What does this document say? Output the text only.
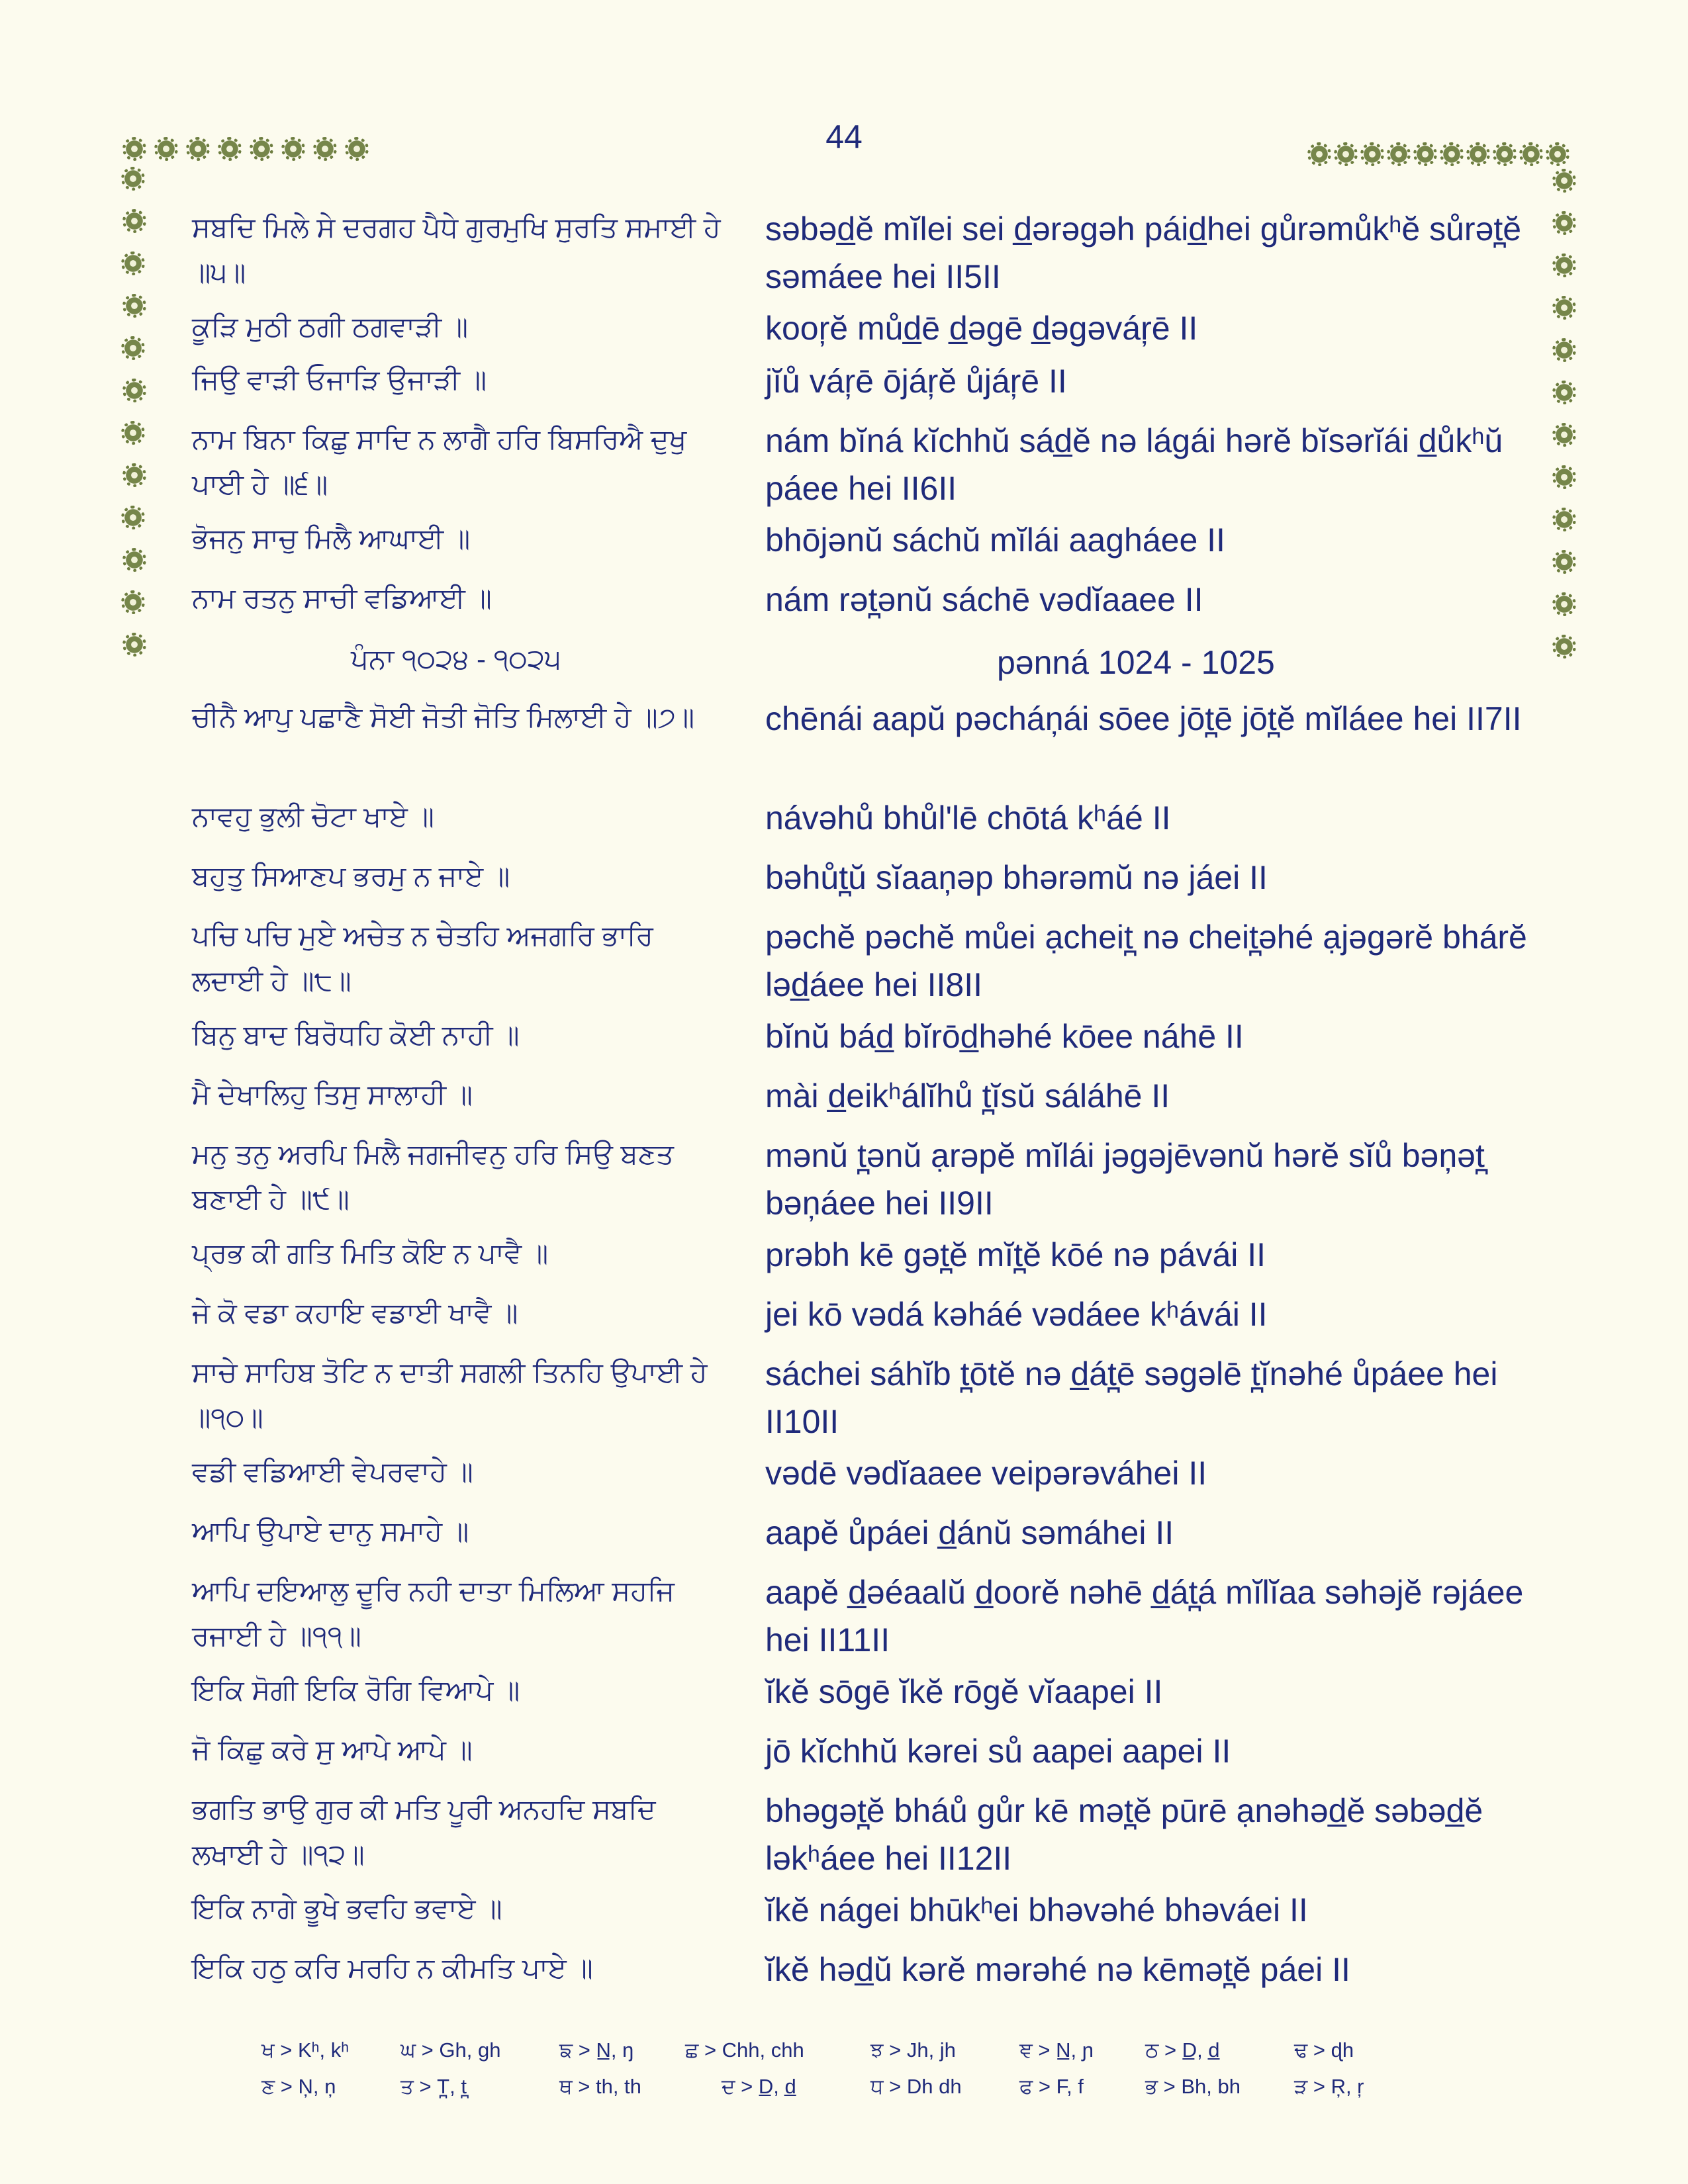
44
ਸਬਦਿ ਮਿਲੇ ਸੇ ਦਰਗਹ ਪੈਧੇ ਗੁਰਮੁਖਿ ਸੁਰਤਿ ਸਮਾਈ ਹੇ ॥੫॥
səbəd̲ĕ mĭlei sei d̲ərəgəh páid̲hei gůrəmůkʰĕ sůrət̪ĕ səmáee hei II5II
ਕੂੜਿ ਮੁਠੀ ਠਗੀ ਠਗਵਾੜੀ ॥	kooŗĕ můd̲ē d̲əgē d̲əgəváŗē II
ਜਿਉ ਵਾੜੀ ਓਜਾੜਿ ਉਜਾੜੀ ॥	jĭů váŗē ōjáŗĕ ůjáŗē II
ਨਾਮ ਬਿਨਾ ਕਿਛੁ ਸਾਦਿ ਨ ਲਾਗੈ ਹਰਿ ਬਿਸਰਿਐ ਦੁਖੁ ਪਾਈ ਹੇ ॥੬॥
nám bĭná kĭchhŭ sád̲ĕ nə lágái hərĕ bĭsərĭái d̲ůkʰŭ páee hei II6II
ਭੋਜਨੁ ਸਾਚੁ ਮਿਲੈ ਆਘਾਈ ॥	bhōjənŭ sáchŭ mĭlái aagháee II
ਨਾਮ ਰਤਨੁ ਸਾਚੀ ਵਡਿਆਈ ॥	nám rət̪ənŭ sáchē vədĭaaee II
ਪੰਨਾ ੧੦੨੪ - ੧੦੨੫	pənná 1024 - 1025
ਚੀਨੈ ਆਪੁ ਪਛਾਣੈ ਸੋਈ ਜੋਤੀ ਜੋਤਿ ਮਿਲਾਈ ਹੇ ॥੭॥	chēnái aapŭ pəcháņái sōee jōt̪ē jōt̪ĕ mĭláee hei II7II
ਨਾਵਹੁ ਭੁਲੀ ਚੋਟਾ ਖਾਏ ॥	návəhů bhůl'lē chōtá kʰáé II
ਬਹੁਤੁ ਸਿਆਣਪ ਭਰਮੁ ਨ ਜਾਏ ॥	bəhůt̪ŭ sĭaaņəp bhərəmŭ nə jáei II
ਪਚਿ ਪਚਿ ਮੁਏ ਅਚੇਤ ਨ ਚੇਤਹਿ ਅਜਗਰਿ ਭਾਰਿ ਲਦਾਈ ਹੇ ॥੮॥
pəchĕ pəchĕ můei ạcheit̪ nə cheit̪əhé ạjəgərĕ bhárĕ ləd̲áee hei II8II
ਬਿਨੁ ਬਾਦ ਬਿਰੋਧਹਿ ਕੋਈ ਨਾਹੀ ॥	bĭnŭ bád̲ bĭrōd̲həhé kōee náhē II
ਮੈ ਦੇਖਾਲਿਹੁ ਤਿਸੁ ਸਾਲਾਹੀ ॥	mài d̲eikʰálĭhů t̪ĭsŭ sáláhē II
ਮਨੁ ਤਨੁ ਅਰਪਿ ਮਿਲੈ ਜਗਜੀਵਨੁ ਹਰਿ ਸਿਉ ਬਣਤ ਬਣਾਈ ਹੇ ॥੯॥
mənŭ t̪ənŭ ạrəpĕ mĭlái jəgəjēvənŭ hərĕ sĭů bəņət̪ bəņáee hei II9II
ਪ੍ਰਭ ਕੀ ਗਤਿ ਮਿਤਿ ਕੋਇ ਨ ਪਾਵੈ ॥	prəbh kē gət̪ĕ mĭt̪ĕ kōé nə pávái II
ਜੇ ਕੋ ਵਡਾ ਕਹਾਇ ਵਡਾਈ ਖਾਵੈ ॥	jei kō vədá kəháé vədáee kʰávái II
ਸਾਚੇ ਸਾਹਿਬ ਤੋਟਿ ਨ ਦਾਤੀ ਸਗਲੀ ਤਿਨਹਿ ਉਪਾਈ ਹੇ ॥੧੦॥
sáchei sáhĭb t̪ōtĕ nə d̲át̪ē səgəlē t̪ĭnəhé ůpáee hei II10II
ਵਡੀ ਵਡਿਆਈ ਵੇਪਰਵਾਹੇ ॥	vədē vədĭaaee veipərəváhei II
ਆਪਿ ਉਪਾਏ ਦਾਨੁ ਸਮਾਹੇ ॥	aapĕ ůpáei d̲ánŭ səmáhei II
ਆਪਿ ਦਇਆਲੁ ਦੂਰਿ ਨਹੀ ਦਾਤਾ ਮਿਲਿਆ ਸਹਜਿ ਰਜਾਈ ਹੇ ॥੧੧॥
aapĕ d̲əéaalŭ d̲oorĕ nəhē d̲át̪á mĭlĭaa səhəjĕ rəjáee hei II11II
ਇਕਿ ਸੋਗੀ ਇਕਿ ਰੋਗਿ ਵਿਆਪੇ ॥	ĭkĕ sōgē ĭkĕ rōgĕ vĭaapei II
ਜੋ ਕਿਛੁ ਕਰੇ ਸੁ ਆਪੇ ਆਪੇ ॥	jō kĭchhŭ kərei sů aapei aapei II
ਭਗਤਿ ਭਾਉ ਗੁਰ ਕੀ ਮਤਿ ਪੂਰੀ ਅਨਹਦਿ ਸਬਦਿ ਲਖਾਈ ਹੇ ॥੧੨॥
bhəgət̪ĕ bháů gůr kē mət̪ĕ pūrē ạnəhəd̲ĕ səbəd̲ĕ ləkʰáee hei II12II
ਇਕਿ ਨਾਗੇ ਭੂਖੇ ਭਵਹਿ ਭਵਾਏ ॥	ĭkĕ nágei bhūkʰei bhəvəhé bhəváei II
ਇਕਿ ਹਠੁ ਕਰਿ ਮਰਹਿ ਨ ਕੀਮਤਿ ਪਾਏ ॥	ĭkĕ həd̲ŭ kərĕ mərəhé nə kēmət̪ĕ páei II
ਖ > Kʰ, kʰ	ਘ > Gh, gh	ਙ > N̲, ŋ	ਛ > Chh, chh	ਝ > Jh, jh	ਞ > N̲, ɲ	ਠ > D̲, d̲	ਢ > ɖh
ਣ > Ņ, ņ	ਤ > T̪, t̪	ਥ > th, th	ਦ > D̲, d̲	ਧ > Dh dh	ਫ > F, f	ਭ > Bh, bh	ੜ > Ŗ, ŗ
